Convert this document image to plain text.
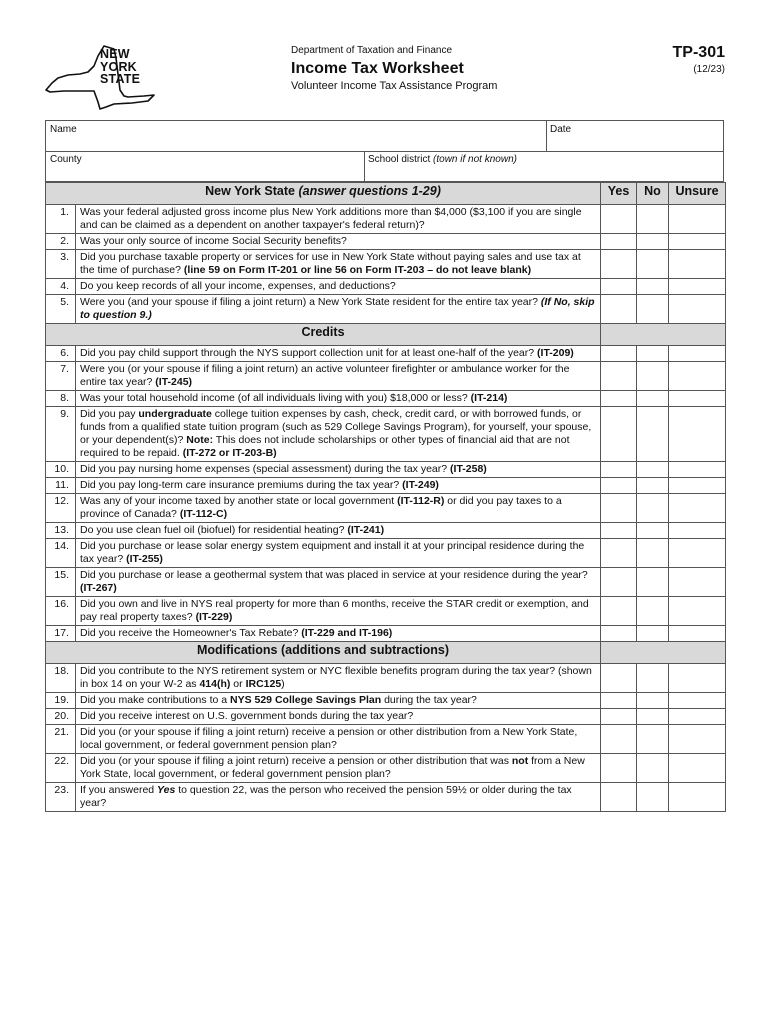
NEW
YORK
STATE
Department of Taxation and Finance
Income Tax Worksheet
Volunteer Income Tax Assistance Program
TP-301
(12/23)
Name	Date
County	School district (town if not known)
New York State (answer questions 1-29)		Yes	No	Unsure
1.	Was your federal adjusted gross income plus New York additions more than $4,000 ($3,100 if you are single and can be claimed as a dependent on another taxpayer's federal return)?			
2.	Was your only source of income Social Security benefits?			
3.	Did you purchase taxable property or services for use in New York State without paying sales and use tax at the time of purchase? (line 59 on Form IT-201 or line 56 on Form IT-203 – do not leave blank)			
4.	Do you keep records of all your income, expenses, and deductions?			
5.	Were you (and your spouse if filing a joint return) a New York State resident for the entire tax year? (If No, skip to question 9.)			
Credits				
6.	Did you pay child support through the NYS support collection unit for at least one-half of the year? (IT-209)			
7.	Were you (or your spouse if filing a joint return) an active volunteer firefighter or ambulance worker for the entire tax year? (IT-245)			
8.	Was your total household income (of all individuals living with you) $18,000 or less? (IT-214)			
9.	Did you pay undergraduate college tuition expenses by cash, check, credit card, or with borrowed funds, or funds from a qualified state tuition program (such as 529 College Savings Program), for yourself, your spouse, or your dependent(s)? Note: This does not include scholarships or other types of financial aid that are not required to be repaid. (IT-272 or IT-203-B)			
10.	Did you pay nursing home expenses (special assessment) during the tax year? (IT-258)			
11.	Did you pay long-term care insurance premiums during the tax year? (IT-249)			
12.	Was any of your income taxed by another state or local government (IT-112-R) or did you pay taxes to a province of Canada? (IT-112-C)			
13.	Do you use clean fuel oil (biofuel) for residential heating? (IT-241)			
14.	Did you purchase or lease solar energy system equipment and install it at your principal residence during the tax year? (IT-255)			
15.	Did you purchase or lease a geothermal system that was placed in service at your residence during the year? (IT-267)			
16.	Did you own and live in NYS real property for more than 6 months, receive the STAR credit or exemption, and pay real property taxes? (IT-229)			
17.	Did you receive the Homeowner's Tax Rebate? (IT-229 and IT-196)			
Modifications (additions and subtractions)				
18.	Did you contribute to the NYS retirement system or NYC flexible benefits program during the tax year? (shown in box 14 on your W-2 as 414(h) or IRC125)			
19.	Did you make contributions to a NYS 529 College Savings Plan during the tax year?			
20.	Did you receive interest on U.S. government bonds during the tax year?			
21.	Did you (or your spouse if filing a joint return) receive a pension or other distribution from a New York State, local government, or federal government pension plan?			
22.	Did you (or your spouse if filing a joint return) receive a pension or other distribution that was not from a New York State, local government, or federal government pension plan?			
23.	If you answered Yes to question 22, was the person who received the pension 59½ or older during the tax year?			
